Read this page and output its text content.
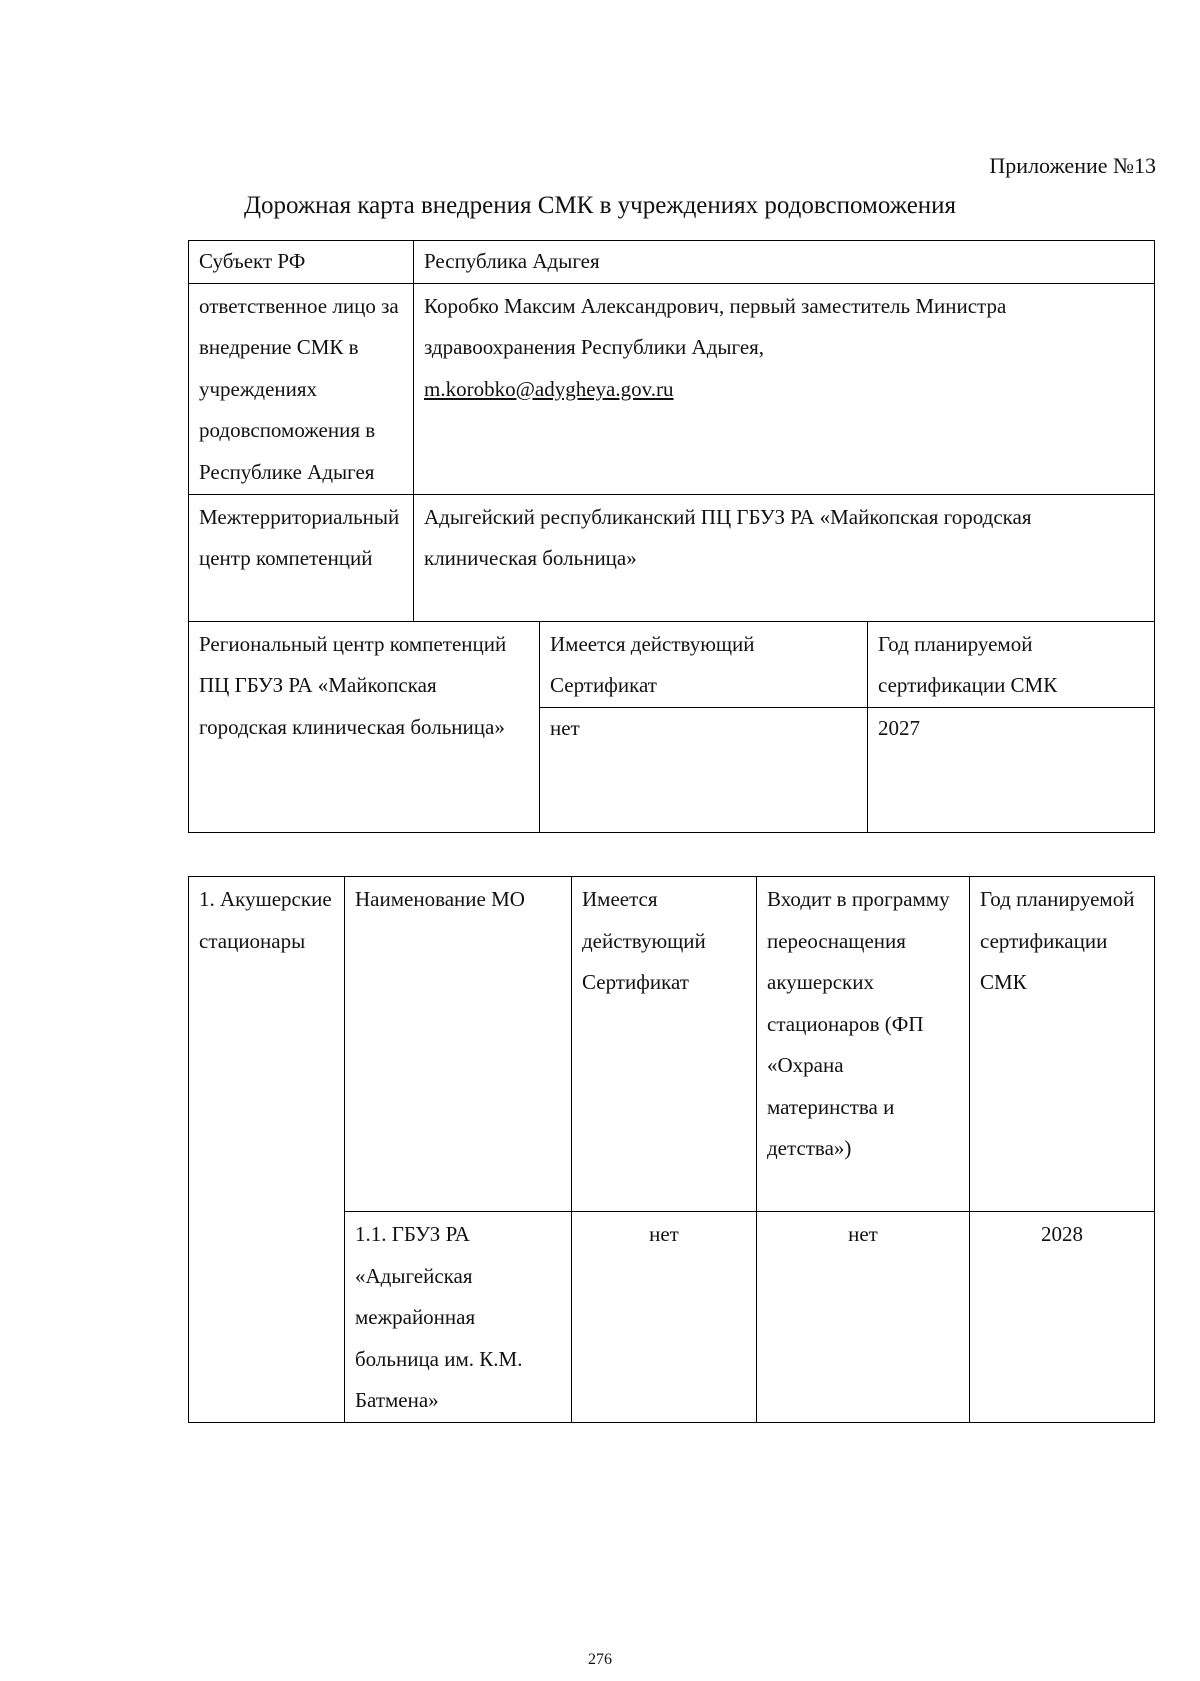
Приложение №13
Дорожная карта внедрения СМК в учреждениях родовспоможения
Субъект РФ	Республика Адыгея		
ответственное лицо за внедрение СМК в учреждениях родовспоможения в Республике Адыгея	Коробко Максим Александрович, первый заместитель Министра здравоохранения Республики Адыгея,
m.korobko@adygheya.gov.ru		
Межтерриториальный центр компетенций	Адыгейский республиканский ПЦ ГБУЗ РА «Майкопская городская клиническая больница»		
Региональный центр компетенций
ПЦ ГБУЗ РА «Майкопская городская клиническая больница»		Имеется действующий Сертификат	Год планируемой сертификации СМК
		нет	2027
1. Акушерские стационары	Наименование МО	Имеется действующий Сертификат	Входит в программу переоснащения акушерских стационаров (ФП «Охрана материнства и детства»)	Год планируемой сертификации СМК
	1.1. ГБУЗ РА «Адыгейская межрайонная больница им. К.М. Батмена»	нет	нет	2028
276
